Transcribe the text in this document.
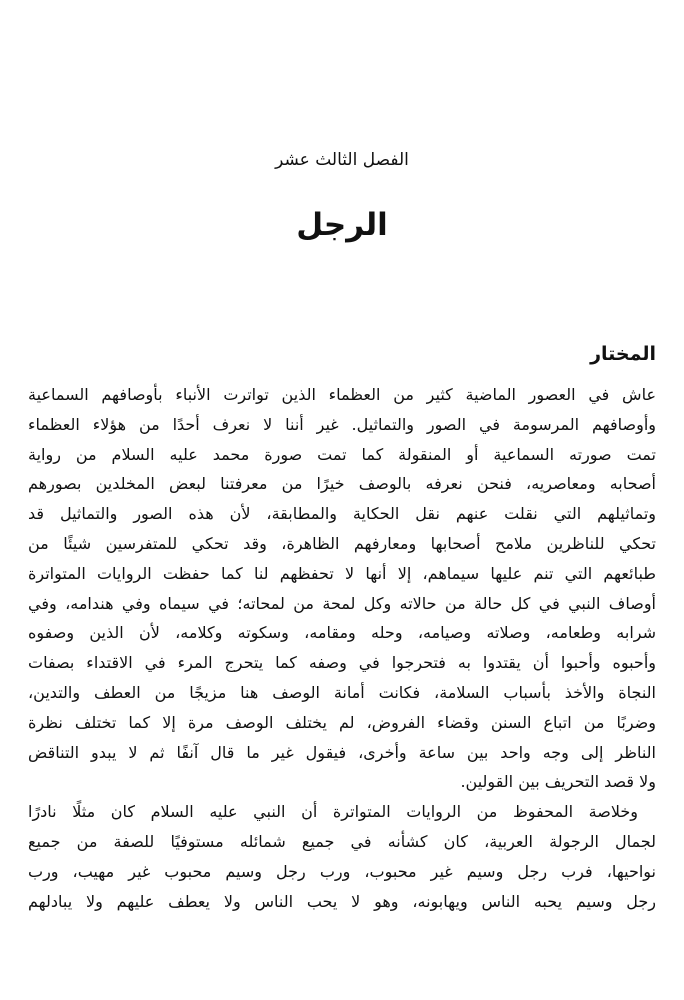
الفصل الثالث عشر
الرجل
المختار

عاش في العصور الماضية كثير من العظماء الذين تواترت الأنباء بأوصافهم السماعية
وأوصافهم المرسومة في الصور والتماثيل. غير أننا لا نعرف أحدًا من هؤلاء العظماء
تمت صورته السماعية أو المنقولة كما تمت صورة محمد عليه السلام من رواية
أصحابه ومعاصريه، فنحن نعرفه بالوصف خيرًا من معرفتنا لبعض المخلدين بصورهم
وتماثيلهم التي نقلت عنهم نقل الحكاية والمطابقة، لأن هذه الصور والتماثيل قد
تحكي للناظرين ملامح أصحابها ومعارفهم الظاهرة، وقد تحكي للمتفرسين شيئًا من
طبائعهم التي تنم عليها سيماهم، إلا أنها لا تحفظهم لنا كما حفظت الروايات المتواترة
أوصاف النبي في كل حالة من حالاته وكل لمحة من لمحاته؛ في سيماه وفي هندامه، وفي
شرابه وطعامه، وصلاته وصيامه، وحله ومقامه، وسكوته وكلامه، لأن الذين وصفوه
وأحبوه وأحبوا أن يقتدوا به فتحرجوا في وصفه كما يتحرج المرء في الاقتداء بصفات
النجاة والأخذ بأسباب السلامة، فكانت أمانة الوصف هنا مزيجًا من العطف والتدين،
وضربًا من اتباع السنن وقضاء الفروض، لم يختلف الوصف مرة إلا كما تختلف نظرة
الناظر إلى وجه واحد بين ساعة وأخرى، فيقول غير ما قال آنفًا ثم لا يبدو التناقض
ولا قصد التحريف بين القولين.

وخلاصة المحفوظ من الروايات المتواترة أن النبي عليه السلام كان مثلًا نادرًا
لجمال الرجولة العربية، كان كشأنه في جميع شمائله مستوفيًا للصفة من جميع
نواحيها، فرب رجل وسيم غير محبوب، ورب رجل وسيم محبوب غير مهيب، ورب
رجل وسيم يحبه الناس ويهابونه، وهو لا يحب الناس ولا يعطف عليهم ولا يبادلهم
